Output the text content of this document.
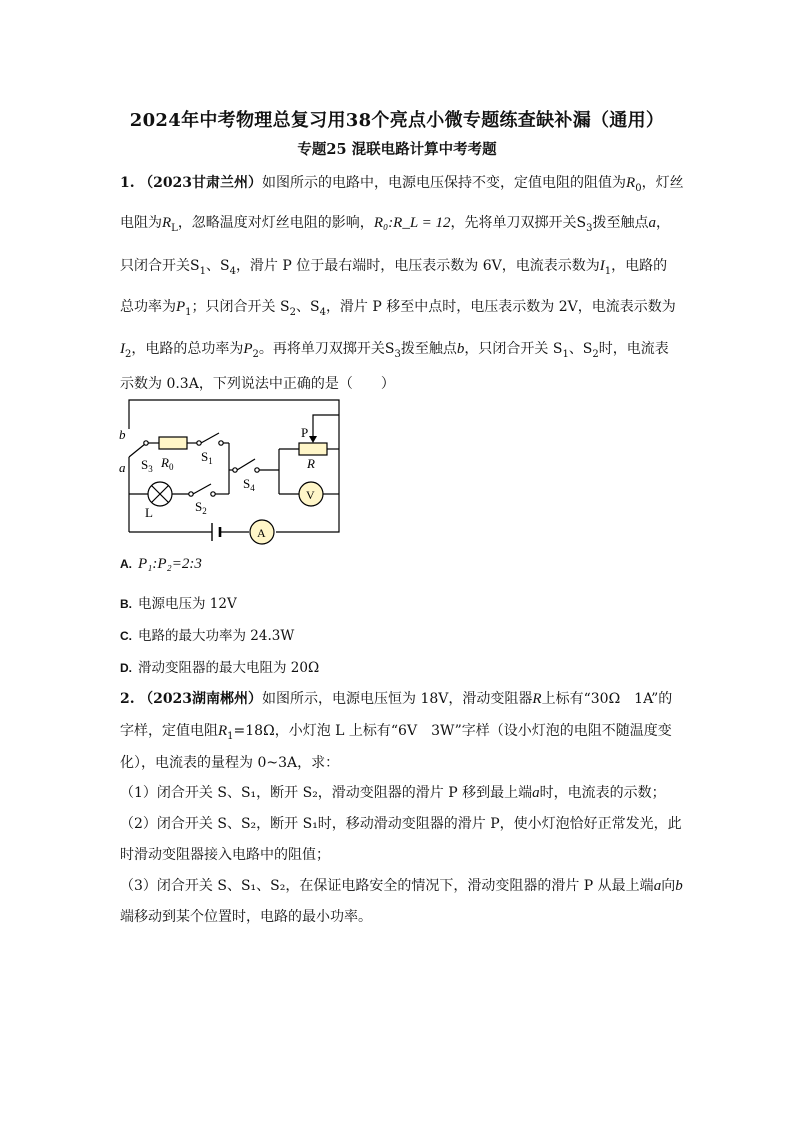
2024年中考物理总复习用38个亮点小微专题练查缺补漏（通用）
专题25 混联电路计算中考考题
1. （2023甘肃兰州）如图所示的电路中，电源电压保持不变，定值电阻的阻值为$R_0$，灯丝
电阻为$R_L$，忽略温度对灯丝电阻的影响，R₀:R_L = 12，先将单刀双掷开关$S_3$拨至触点a，
只闭合开关$S_1$、$S_4$，滑片 P 位于最右端时，电压表示数为 6V，电流表示数为$I_1$，电路的
总功率为$P_1$；只闭合开关 $S_2$、$S_4$，滑片 P 移至中点时，电压表示数为 2V，电流表示数为
$I_2$，电路的总功率为$P_2$。再将单刀双掷开关$S_3$拨至触点b，只闭合开关 $S_1$、$S_2$时，电流表
示数为 0.3A，下列说法中正确的是（　　）
b
a $S_3$ $R_0$
$S_1$
$S_4$
P
R
L	$S_2$
V
A
A. P₁:P₂=2:3
B. 电源电压为 12V
C. 电路的最大功率为 24.3W
D. 滑动变阻器的最大电阻为 20Ω
2. （2023湖南郴州）如图所示，电源电压恒为 18V，滑动变阻器R上标有“30Ω　1A”的
字样，定值电阻$R_1=18\Omega$，小灯泡 L 上标有“6V　3W”字样（设小灯泡的电阻不随温度变
化），电流表的量程为 0~3A，求：
（1）闭合开关 S、S₁，断开 S₂，滑动变阻器的滑片 P 移到最上端a时，电流表的示数；
（2）闭合开关 S、S₂，断开 S₁时，移动滑动变阻器的滑片 P，使小灯泡恰好正常发光，此
时滑动变阻器接入电路中的阻值；
（3）闭合开关 S、S₁、S₂，在保证电路安全的情况下，滑动变阻器的滑片 P 从最上端a向b
端移动到某个位置时，电路的最小功率。
